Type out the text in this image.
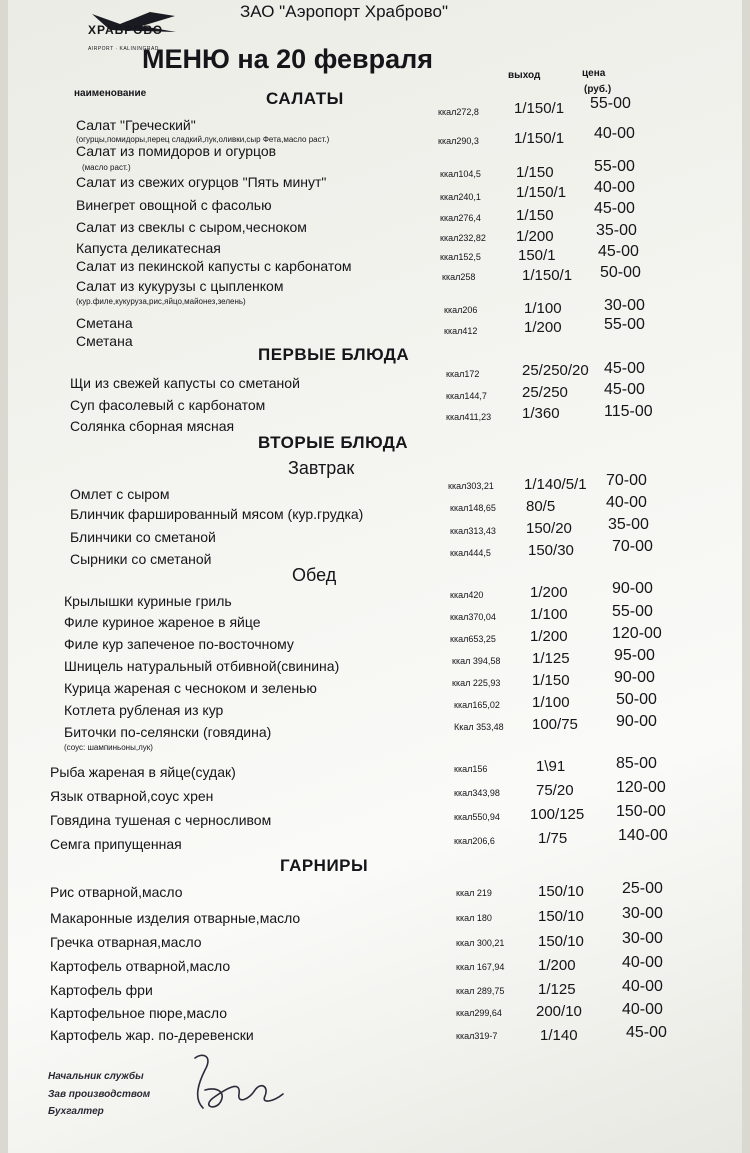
ХРАБРОВО
AIRPORT · KALININGRAD
ЗАО "Аэропорт Храброво"
МЕНЮ на 20 февраля
наименование
выход	цена
(руб.)
САЛАТЫ
Салат "Греческий"
(огурцы,помидоры,перец сладкий,лук,оливки,сыр Фета,масло раст.)
ккал272,8 1/150/1 55-00
Салат из помидоров и огурцов
(масло раст.)
ккал290,3 1/150/1 40-00
Салат из свежих огурцов "Пять минут"	ккал104,5 1/150	55-00
Винегрет овощной с фасолью	ккал240,1 1/150/1 40-00
Салат из свеклы с сыром,чесноком
ккал276,4 1/150	45-00
Капуста деликатесная
ккал232,82 1/200	35-00
Салат из пекинской капусты с карбонатом
ккал152,5 150/1	45-00
Салат из кукурузы с цыпленком
(кур.филе,кукуруза,рис,яйцо,майонез,зелень)
ккал258	1/150/1 50-00
Сметана
ккал206	1/100	30-00
Сметана
ккал412	1/200	55-00
ПЕРВЫЕ БЛЮДА
Щи из свежей капусты со сметаной
ккал172	25/250/20 45-00
Суп фасолевый с карбонатом
ккал144,7 25/250 45-00
Солянка сборная мясная
ккал411,23 1/360	115-00
ВТОРЫЕ БЛЮДА
Завтрак
Омлет с сыром	ккал303,21 1/140/5/1 70-00
Блинчик фаршированный мясом (кур.грудка)	ккал148,65 80/5	40-00
Блинчики со сметаной	ккал313,43 150/20 35-00
Сырники со сметаной	ккал444,5 150/30 70-00
Обед
Крылышки куриные гриль	ккал420	1/200	90-00
Филе куриное жареное в яйце	ккал370,04 1/100	55-00
Филе кур запеченое по-восточному	ккал653,25 1/200	120-00
Шницель натуральный отбивной(свинина)	ккал 394,58 1/125	95-00
Курица жареная с чесноком и зеленью	ккал 225,93 1/150	90-00
Котлета рубленая из кур	ккал165,02 1/100	50-00
Битoчки по-селянски (говядина)
(соус: шампиньоны,лук)
Ккал 353,48 100/75 90-00
Рыба жареная в яйце(судак)	ккал156	1\91	85-00
Язык отварной,соус хрен	ккал343,98 75/20	120-00
Говядина тушеная с черносливом	ккал550,94 100/125 150-00
Семга припущенная	ккал206,6	1/75	140-00
ГАРНИРЫ
Рис отварной,масло	ккал 219	150/10 25-00
Макаронные изделия отварные,масло	ккал 180	150/10 30-00
Гречка отварная,масло	ккал 300,21 150/10 30-00
Картофель отварной,масло	ккал 167,94 1/200	40-00
Картофель фри	ккал 289,75 1/125	40-00
Картофельное пюре,масло	ккал299,64 200/10	40-00
Картофель жар. по-деревенски	ккал319-7	1/140	45-00
Начальник службы
Зав производством
Бухгалтер
